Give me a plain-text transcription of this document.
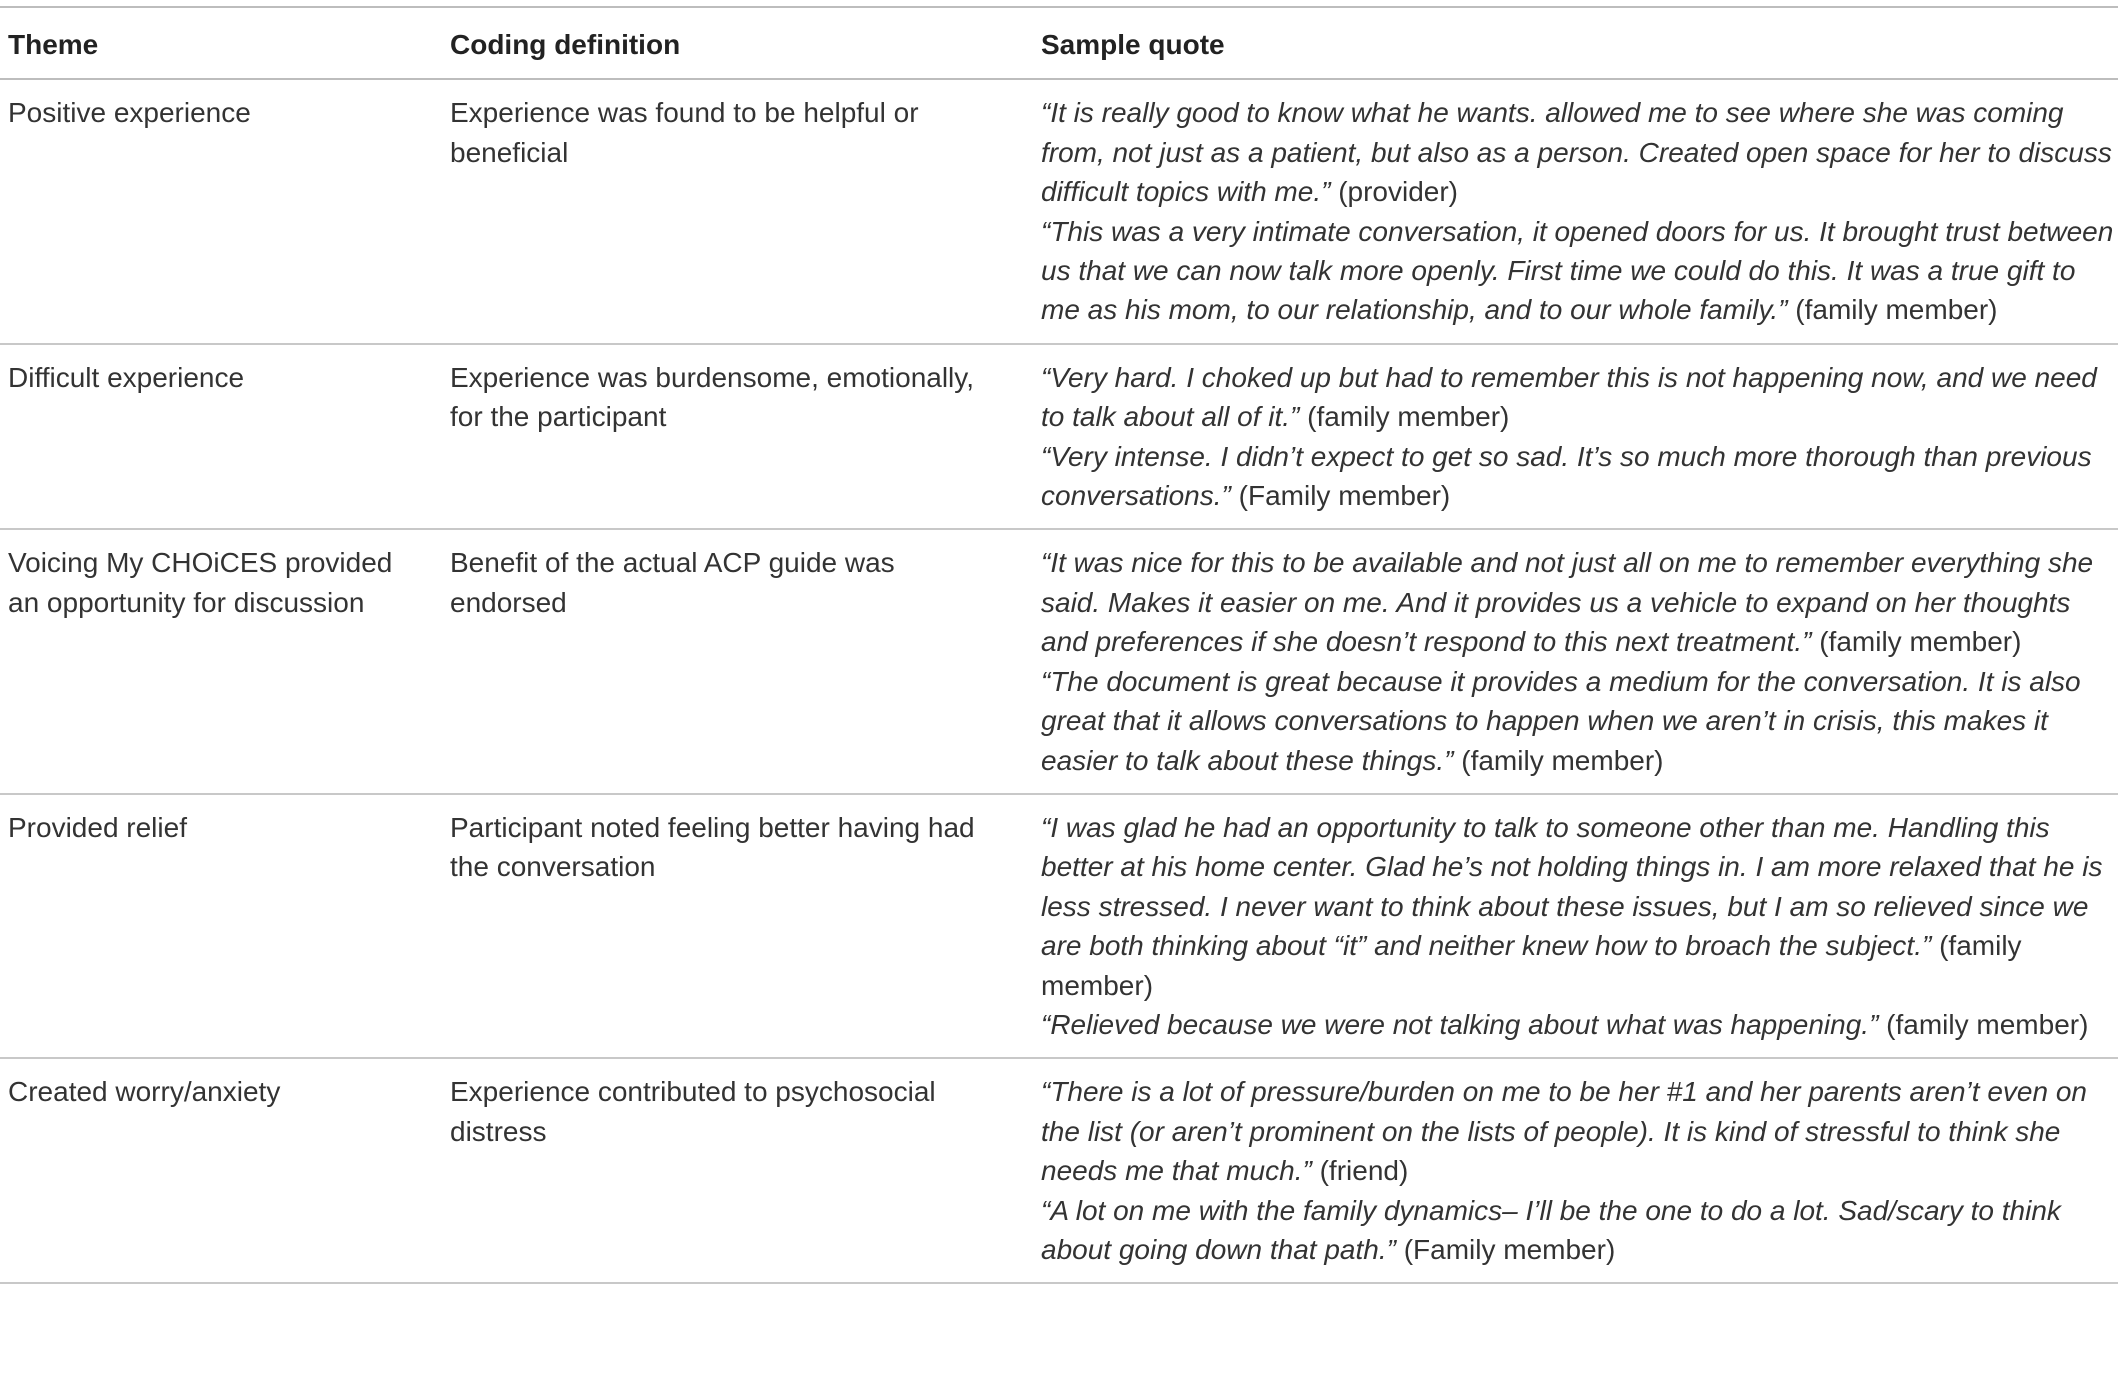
Theme	Coding definition	Sample quote
Positive experience	Experience was found to be helpful or beneficial	“It is really good to know what he wants. allowed me to see where she was coming from, not just as a patient, but also as a person. Created open space for her to discuss difficult topics with me.” (provider)
“This was a very intimate conversation, it opened doors for us. It brought trust between us that we can now talk more openly. First time we could do this. It was a true gift to me as his mom, to our relationship, and to our whole family.” (family member)

Difficult experience	Experience was burdensome, emotionally, for the participant	“Very hard. I choked up but had to remember this is not happening now, and we need to talk about all of it.” (family member)
“Very intense. I didn’t expect to get so sad. It’s so much more thorough than previous conversations.” (Family member)

Voicing My CHOiCES provided an opportunity for discussion	Benefit of the actual ACP guide was endorsed	“It was nice for this to be available and not just all on me to remember everything she said. Makes it easier on me. And it provides us a vehicle to expand on her thoughts and preferences if she doesn’t respond to this next treatment.” (family member)
“The document is great because it provides a medium for the conversation. It is also great that it allows conversations to happen when we aren’t in crisis, this makes it easier to talk about these things.” (family member)

Provided relief	Participant noted feeling better having had the conversation	“I was glad he had an opportunity to talk to someone other than me. Handling this better at his home center. Glad he’s not holding things in. I am more relaxed that he is less stressed. I never want to think about these issues, but I am so relieved since we are both thinking about “it” and neither knew how to broach the subject.” (family member)
“Relieved because we were not talking about what was happening.” (family member)

Created worry/anxiety	Experience contributed to psychosocial distress	“There is a lot of pressure/burden on me to be her #1 and her parents aren’t even on the list (or aren’t prominent on the lists of people). It is kind of stressful to think she needs me that much.” (friend)
“A lot on me with the family dynamics– I’ll be the one to do a lot. Sad/scary to think about going down that path.” (Family member)
